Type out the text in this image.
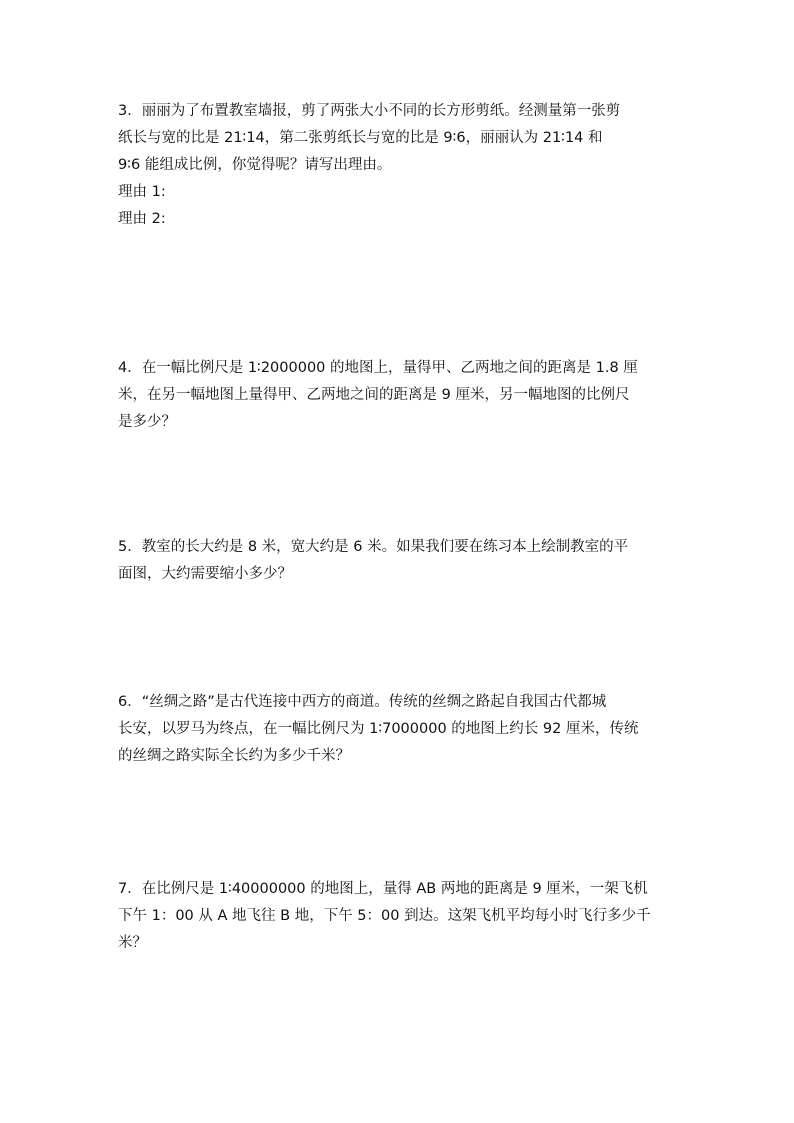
3．丽丽为了布置教室墙报，剪了两张大小不同的长方形剪纸。经测量第一张剪
纸长与宽的比是 21∶14，第二张剪纸长与宽的比是 9∶6，丽丽认为 21∶14 和
9∶6 能组成比例，你觉得呢？请写出理由。
理由 1:
理由 2:
4．在一幅比例尺是 1∶2000000 的地图上，量得甲、乙两地之间的距离是 1.8 厘
米，在另一幅地图上量得甲、乙两地之间的距离是 9 厘米，另一幅地图的比例尺
是多少？
5．教室的长大约是 8 米，宽大约是 6 米。如果我们要在练习本上绘制教室的平
面图，大约需要缩小多少？
6．“丝绸之路”是古代连接中西方的商道。传统的丝绸之路起自我国古代都城
长安，以罗马为终点，在一幅比例尺为 1∶7000000 的地图上约长 92 厘米，传统
的丝绸之路实际全长约为多少千米？
7．在比例尺是 1∶40000000 的地图上，量得 AB 两地的距离是 9 厘米，一架飞机
下午 1：00 从 A 地飞往 B 地，下午 5：00 到达。这架飞机平均每小时飞行多少千
米？
